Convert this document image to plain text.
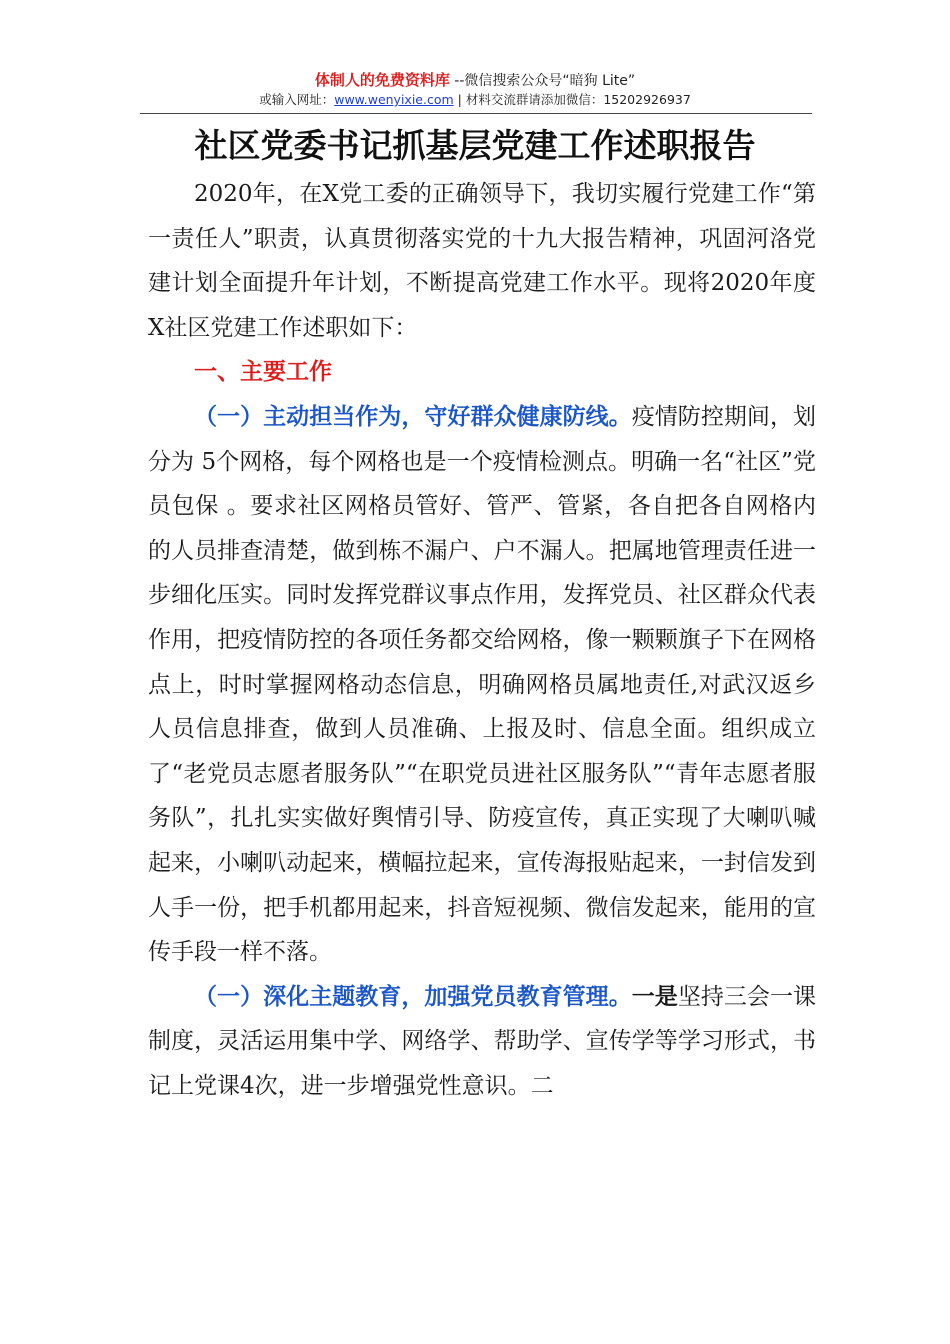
体制人的免费资料库 --微信搜索公众号“暗狗 Lite”
或输入网址：www.wenyixie.com | 材料交流群请添加微信：15202926937
社区党委书记抓基层党建工作述职报告

2020年，在X党工委的正确领导下，我切实履行党建工作“第一责任人”职责，认真贯彻落实党的十九大报告精神，巩固河洛党建计划全面提升年计划，不断提高党建工作水平。现将2020年度X社区党建工作述职如下：

一、主要工作

（一）主动担当作为，守好群众健康防线。疫情防控期间，划分为 5个网格，每个网格也是一个疫情检测点。明确一名“社区”党员包保 。要求社区网格员管好、管严、管紧，各自把各自网格内的人员排查清楚，做到栋不漏户、户不漏人。把属地管理责任进一步细化压实。同时发挥党群议事点作用，发挥党员、社区群众代表作用，把疫情防控的各项任务都交给网格，像一颗颗旗子下在网格点上，时时掌握网格动态信息，明确网格员属地责任,对武汉返乡人员信息排查，做到人员准确、上报及时、信息全面。组织成立了“老党员志愿者服务队”“在职党员进社区服务队”“青年志愿者服务队”，扎扎实实做好舆情引导、防疫宣传，真正实现了大喇叭喊起来，小喇叭动起来，横幅拉起来，宣传海报贴起来，一封信发到人手一份，把手机都用起来，抖音短视频、微信发起来，能用的宣传手段一样不落。

（一）深化主题教育，加强党员教育管理。一是坚持三会一课制度，灵活运用集中学、网络学、帮助学、宣传学等学习形式，书记上党课4次，进一步增强党性意识。二
